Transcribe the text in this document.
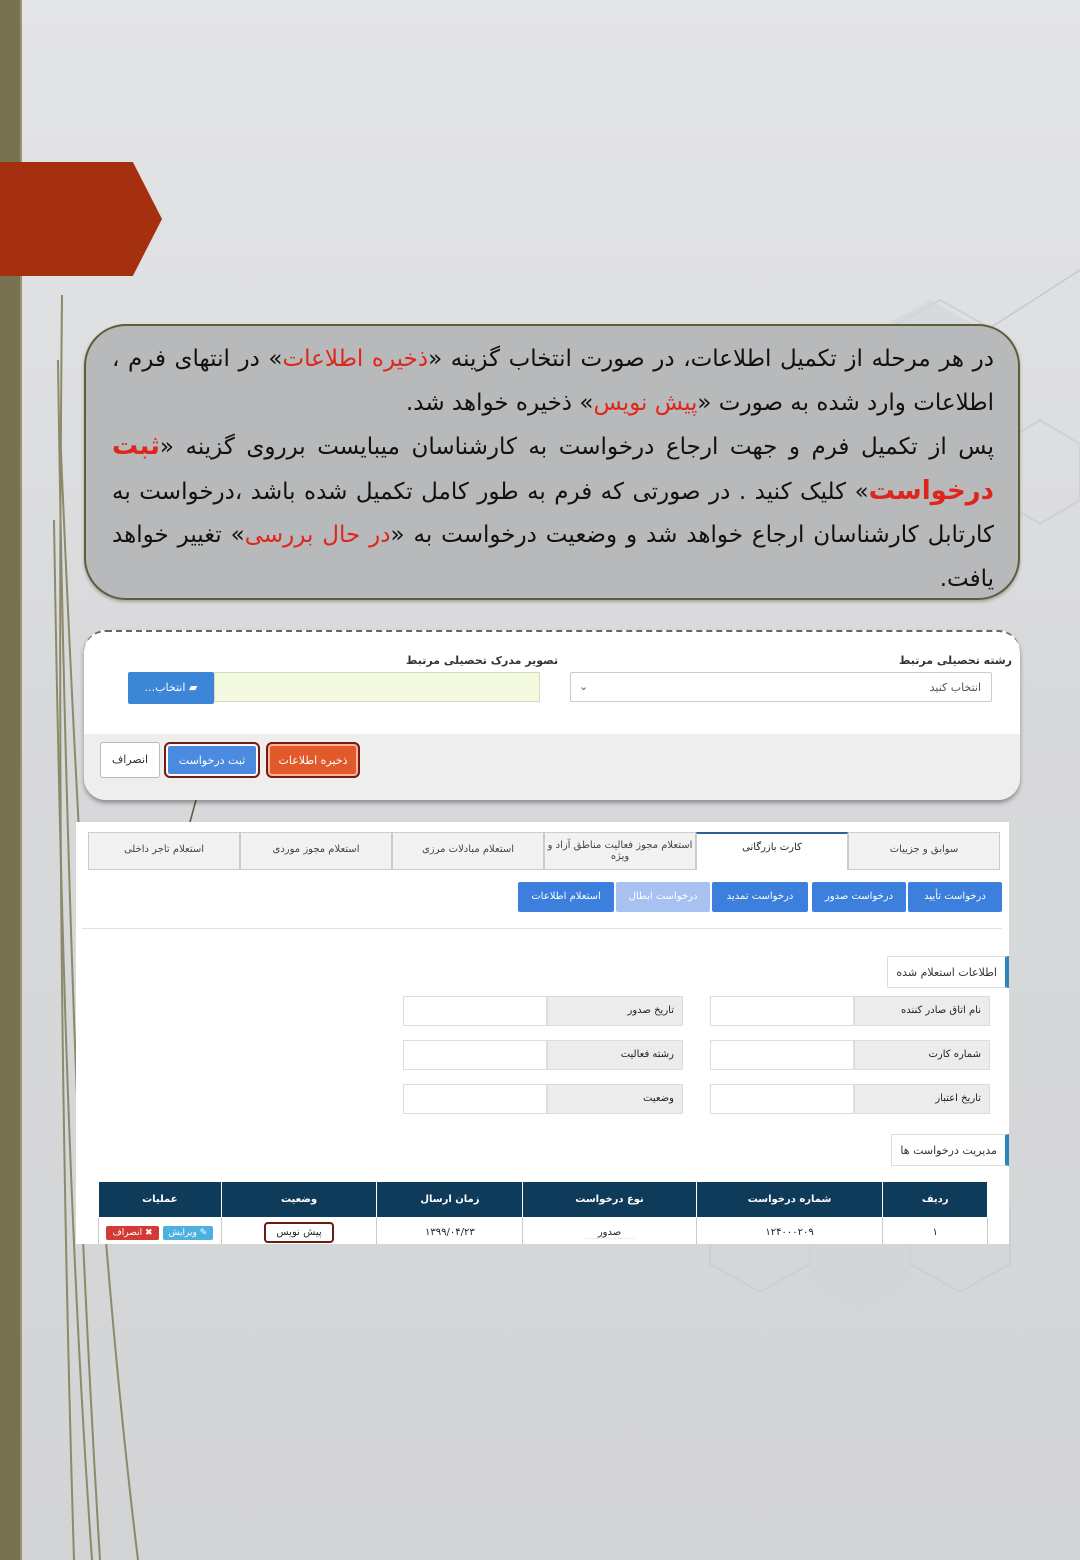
در هر مرحله از تکمیل اطلاعات، در صورت انتخاب گزینه «ذخیره اطلاعات» در انتهای فرم ، اطلاعات وارد شده به صورت «پیش نویس» ذخیره خواهد شد.
پس از تکمیل فرم و جهت ارجاع درخواست به کارشناسان میبایست برروی گزینه «ثبت درخواست» کلیک کنید . در صورتی که فرم به طور کامل تکمیل شده باشد ،درخواست به کارتابل کارشناسان ارجاع خواهد شد و وضعیت درخواست به «در حال بررسی» تغییر خواهد یافت.
رشته تحصیلی مرتبط
انتخاب کنید
⌄
تصویر مدرک تحصیلی مرتبط
▰ انتخاب...
ذخیره اطلاعات
ثبت درخواست
انصراف
سوابق و جزییات
کارت بازرگانی
استعلام مجوز فعالیت مناطق آزاد و ویژه
استعلام مبادلات مرزی
استعلام مجوز موردی
استعلام تاجر داخلی
درخواست تأیید
درخواست صدور
درخواست تمدید
درخواست ابطال
استعلام اطلاعات
اطلاعات استعلام شده
نام اتاق صادر کننده
تاریخ صدور
شماره کارت
رشته فعالیت
تاریخ اعتبار
وضعیت
مدیریت درخواست ها
ردیف	شماره درخواست	نوع درخواست	زمان ارسال	وضعیت	عملیات
۱	۱۲۴۰۰۰۲۰۹	صدور	۱۳۹۹/۰۴/۲۳	پیش نویس	✎ ویرایش✖ انصراف
